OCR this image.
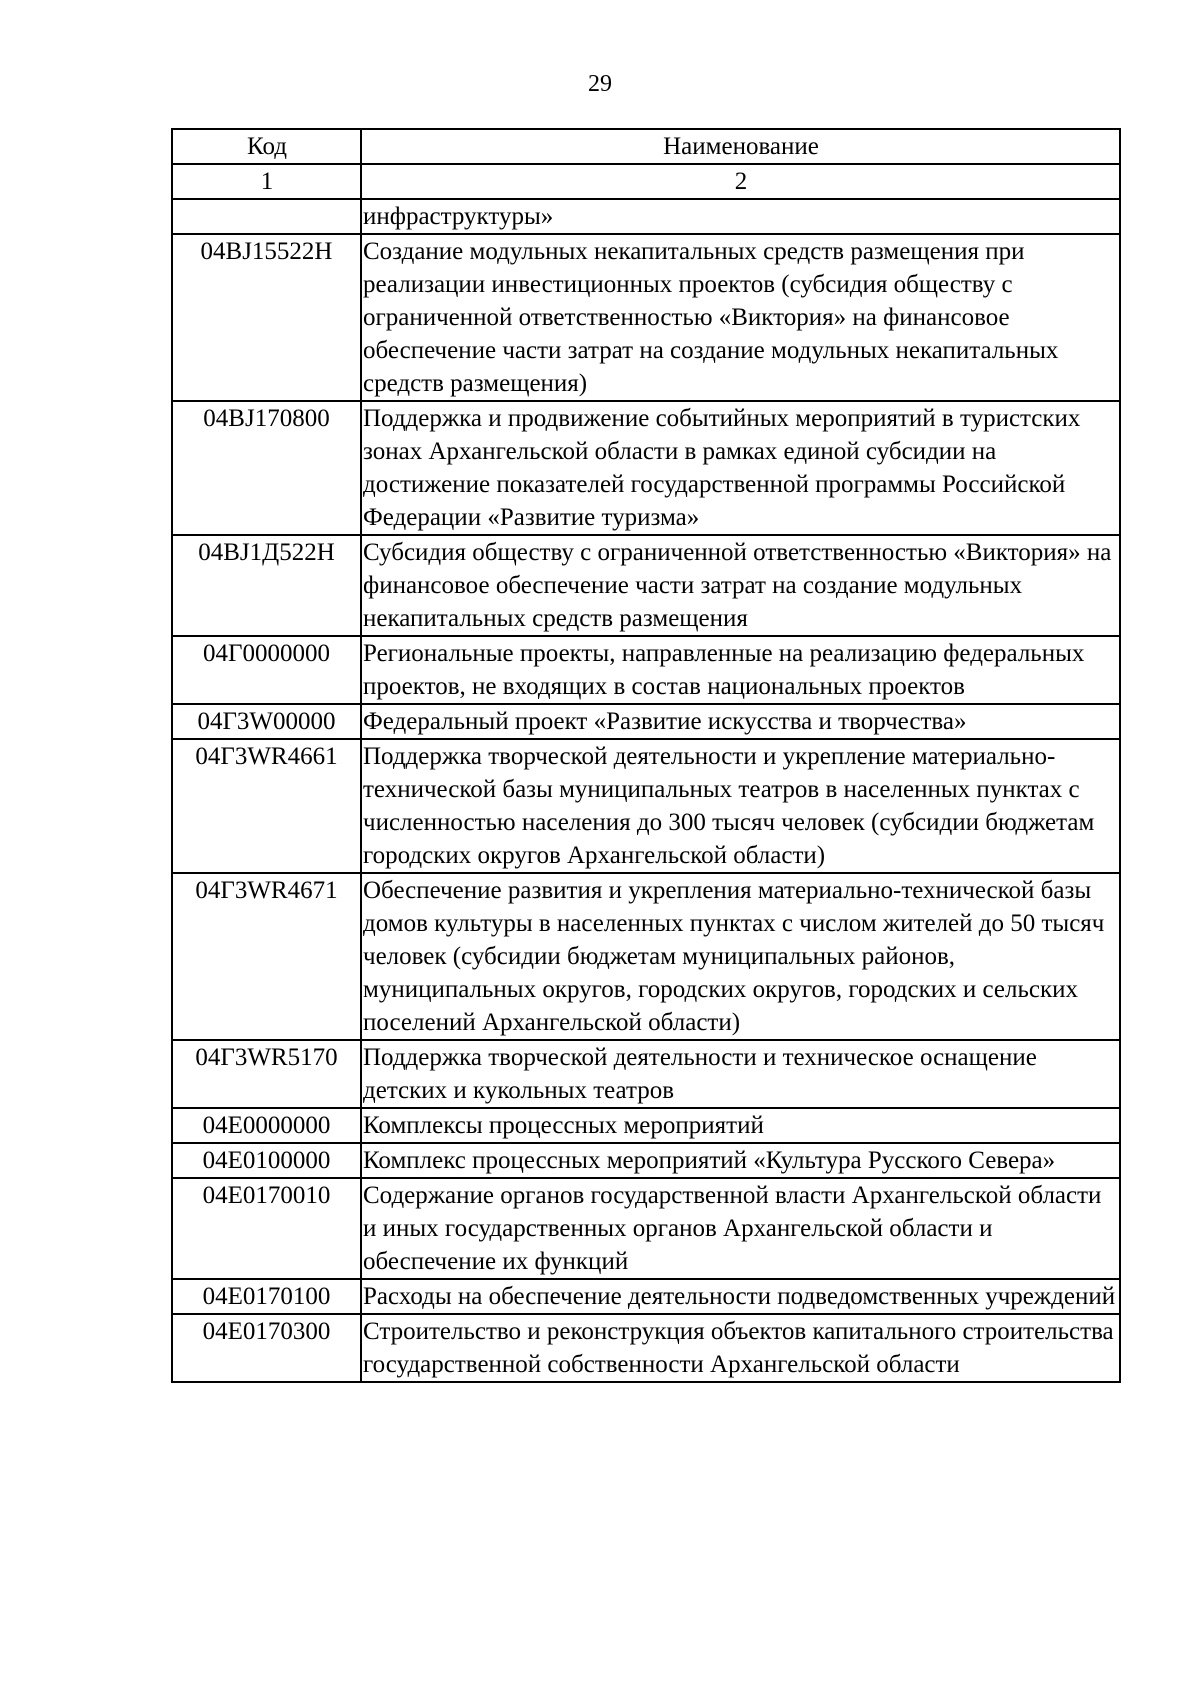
29
Код	Наименование
1	2
	инфраструктуры»
04BJ15522H	Создание модульных некапитальных средств размещения при реализации инвестиционных проектов (субсидия обществу с ограниченной ответственностью «Виктория» на финансовое обеспечение части затрат на создание модульных некапитальных средств размещения)
04BJ170800	Поддержка и продвижение событийных мероприятий в туристских зонах Архангельской области в рамках единой субсидии на достижение показателей государственной программы Российской Федерации «Развитие туризма»
04BJ1Д522H	Субсидия обществу с ограниченной ответственностью «Виктория» на финансовое обеспечение части затрат на создание модульных некапитальных средств размещения
04Г0000000	Региональные проекты, направленные на реализацию федеральных проектов, не входящих в состав национальных проектов
04Г3W00000	Федеральный проект «Развитие искусства и творчества»
04Г3WR4661	Поддержка творческой деятельности и укрепление материально-технической базы муниципальных театров в населенных пунктах с численностью населения до 300 тысяч человек (субсидии бюджетам городских округов Архангельской области)
04Г3WR4671	Обеспечение развития и укрепления материально-технической базы домов культуры в населенных пунктах с числом жителей до 50 тысяч человек (субсидии бюджетам муниципальных районов, муниципальных округов, городских округов, городских и сельских поселений Архангельской области)
04Г3WR5170	Поддержка творческой деятельности и техническое оснащение детских и кукольных театров
04Е0000000	Комплексы процессных мероприятий
04Е0100000	Комплекс процессных мероприятий «Культура Русского Севера»
04Е0170010	Содержание органов государственной власти Архангельской области и иных государственных органов Архангельской области и обеспечение их функций
04Е0170100	Расходы на обеспечение деятельности подведомственных учреждений
04Е0170300	Строительство и реконструкция объектов капитального строительства государственной собственности Архангельской области
